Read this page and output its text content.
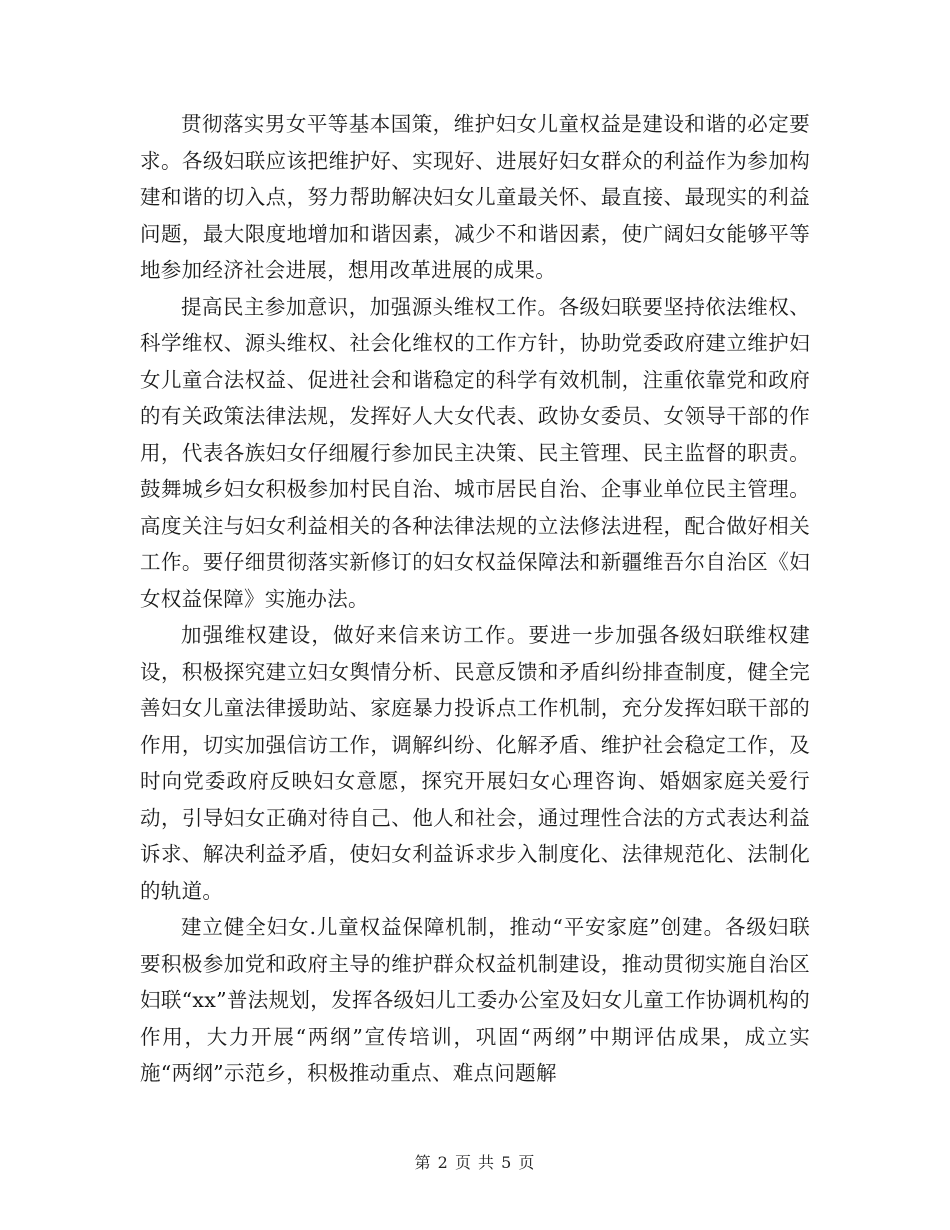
贯彻落实男女平等基本国策，维护妇女儿童权益是建设和谐的必定要求。各级妇联应该把维护好、实现好、进展好妇女群众的利益作为参加构建和谐的切入点，努力帮助解决妇女儿童最关怀、最直接、最现实的利益问题，最大限度地增加和谐因素，减少不和谐因素，使广阔妇女能够平等地参加经济社会进展，想用改革进展的成果。

提高民主参加意识，加强源头维权工作。各级妇联要坚持依法维权、科学维权、源头维权、社会化维权的工作方针，协助党委政府建立维护妇女儿童合法权益、促进社会和谐稳定的科学有效机制，注重依靠党和政府的有关政策法律法规，发挥好人大女代表、政协女委员、女领导干部的作用，代表各族妇女仔细履行参加民主决策、民主管理、民主监督的职责。鼓舞城乡妇女积极参加村民自治、城市居民自治、企事业单位民主管理。高度关注与妇女利益相关的各种法律法规的立法修法进程，配合做好相关工作。要仔细贯彻落实新修订的妇女权益保障法和新疆维吾尔自治区《妇女权益保障》实施办法。

加强维权建设，做好来信来访工作。要进一步加强各级妇联维权建设，积极探究建立妇女舆情分析、民意反馈和矛盾纠纷排查制度，健全完善妇女儿童法律援助站、家庭暴力投诉点工作机制，充分发挥妇联干部的作用，切实加强信访工作，调解纠纷、化解矛盾、维护社会稳定工作，及时向党委政府反映妇女意愿，探究开展妇女心理咨询、婚姻家庭关爱行动，引导妇女正确对待自己、他人和社会，通过理性合法的方式表达利益诉求、解决利益矛盾，使妇女利益诉求步入制度化、法律规范化、法制化的轨道。

建立健全妇女.儿童权益保障机制，推动“平安家庭”创建。各级妇联要积极参加党和政府主导的维护群众权益机制建设，推动贯彻实施自治区妇联“xx”普法规划，发挥各级妇儿工委办公室及妇女儿童工作协调机构的作用，大力开展“两纲”宣传培训，巩固“两纲”中期评估成果，成立实施“两纲”示范乡，积极推动重点、难点问题解

第 2 页 共 5 页
